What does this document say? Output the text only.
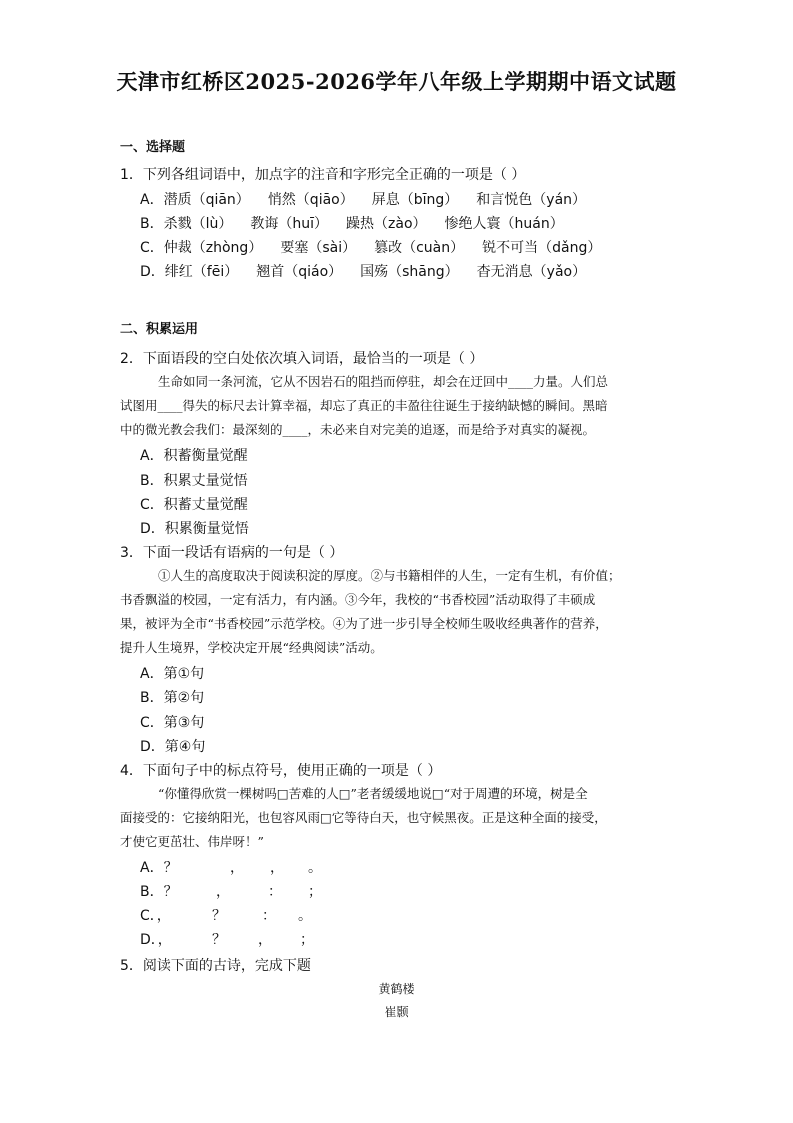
天津市红桥区2025-2026学年八年级上学期期中语文试题
一、选择题
1．下列各组词语中，加点字的注音和字形完全正确的一项是（ ）
A．潜质（qiān） 悄然（qiāo） 屏息（bīng） 和言悦色（yán）
B．杀戮（lù） 教诲（huī） 躁热（zào） 惨绝人寰（huán）
C．仲裁（zhòng） 要塞（sài） 篡改（cuàn） 锐不可当（dǎng）
D．绯红（fēi） 翘首（qiáo） 国殇（shāng） 杳无消息（yǎo）
二、积累运用
2．下面语段的空白处依次填入词语，最恰当的一项是（ ）
生命如同一条河流，它从不因岩石的阻挡而停驻，却会在迂回中____力量。人们总
试图用____得失的标尺去计算幸福，却忘了真正的丰盈往往诞生于接纳缺憾的瞬间。黑暗
中的微光教会我们：最深刻的____，未必来自对完美的追逐，而是给予对真实的凝视。
A．积蓄衡量觉醒
B．积累丈量觉悟
C．积蓄丈量觉醒
D．积累衡量觉悟
3．下面一段话有语病的一句是（ ）
①人生的高度取决于阅读积淀的厚度。②与书籍相伴的人生，一定有生机，有价值；
书香飘溢的校园，一定有活力，有内涵。③今年，我校的“书香校园”活动取得了丰硕成
果，被评为全市“书香校园”示范学校。④为了进一步引导全校师生吸收经典著作的营养，
提升人生境界，学校决定开展“经典阅读”活动。
A．第①句
B．第②句
C．第③句
D．第④句
4．下面句子中的标点符号，使用正确的一项是（ ）
“你懂得欣赏一棵树吗□苦难的人□”老者缓缓地说□“对于周遭的环境，树是全
面接受的：它接纳阳光，也包容风雨□它等待白天，也守候黑夜。正是这种全面的接受，
才使它更茁壮、伟岸呀！”
A．？	， ， 。
B．？	，	： ；
C．，	？	： 。
D．，	？ ， ；
5．阅读下面的古诗，完成下题
黄鹤楼
崔颢
